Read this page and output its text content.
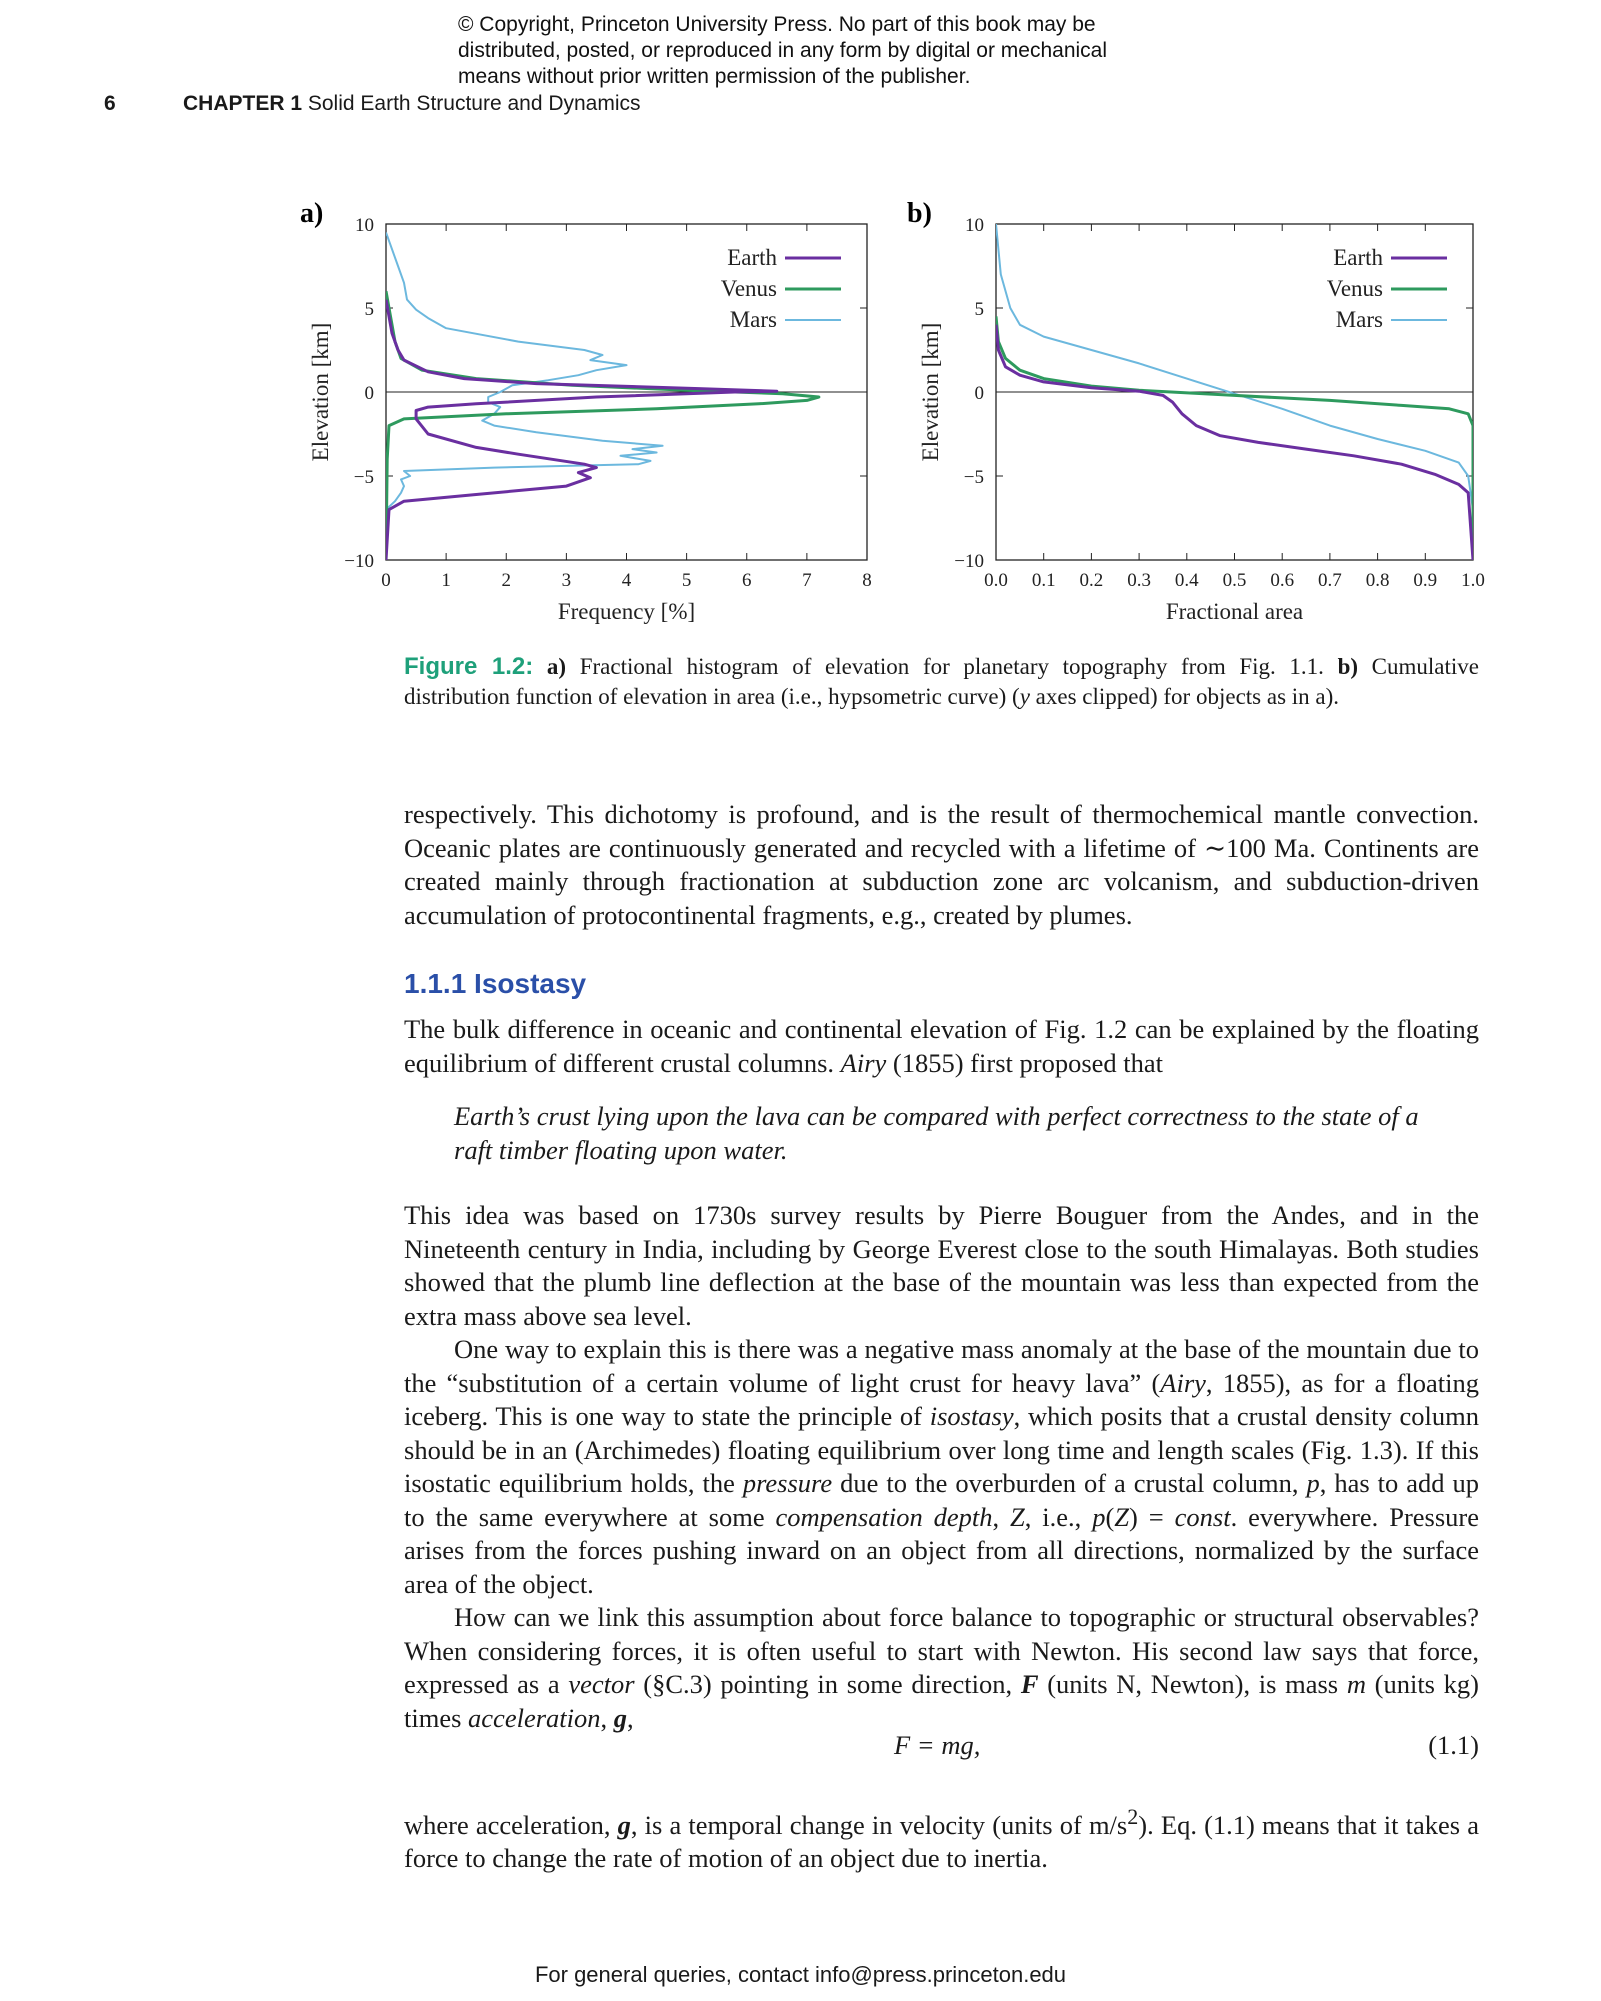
© Copyright, Princeton University Press. No part of this book may be
distributed, posted, or reproduced in any form by digital or mechanical
means without prior written permission of the publisher.
6	CHAPTER 1 Solid Earth Structure and Dynamics
a)
0	1	2	3	4	5	6	7	8
10
5
0
−5
−10
Frequency [%]
Elevation [km]
Earth
Venus
Mars
b)
0.0 0.1 0.2 0.3 0.4 0.5 0.6 0.7 0.8 0.9 1.0
10
5
0
−5
−10
Fractional area
Elevation [km]
Earth
Venus
Mars
Figure 1.2: a) Fractional histogram of elevation for planetary topography from Fig. 1.1. b) Cumulative distribution function of elevation in area (i.e., hypsometric curve) (y axes clipped) for objects as in a).

respectively. This dichotomy is profound, and is the result of thermochemical mantle convection. Oceanic plates are continuously generated and recycled with a lifetime of ∼100 Ma. Continents are created mainly through fractionation at subduction zone arc volcanism, and subduction-driven accumulation of protocontinental fragments, e.g., created by plumes.

1.1.1 Isostasy

The bulk difference in oceanic and continental elevation of Fig. 1.2 can be explained by the floating equilibrium of different crustal columns. Airy (1855) first proposed that

Earth’s crust lying upon the lava can be compared with perfect correctness to the state of a raft timber floating upon water.

This idea was based on 1730s survey results by Pierre Bouguer from the Andes, and in the Nineteenth century in India, including by George Everest close to the south Himalayas. Both studies showed that the plumb line deflection at the base of the mountain was less than expected from the extra mass above sea level.

One way to explain this is there was a negative mass anomaly at the base of the mountain due to the “substitution of a certain volume of light crust for heavy lava” (Airy, 1855), as for a floating iceberg. This is one way to state the principle of isostasy, which posits that a crustal density column should be in an (Archimedes) floating equilibrium over long time and length scales (Fig. 1.3). If this isostatic equilibrium holds, the pressure due to the overburden of a crustal column, p, has to add up to the same everywhere at some compensation depth, Z, i.e., p(Z) = const. everywhere. Pressure arises from the forces pushing inward on an object from all directions, normalized by the surface area of the object.

How can we link this assumption about force balance to topographic or structural observables? When considering forces, it is often useful to start with Newton. His second law says that force, expressed as a vector (§C.3) pointing in some direction, F (units N, Newton), is mass m (units kg) times acceleration, g,

F = mg,	(1.1)

where acceleration, g, is a temporal change in velocity (units of $m/s^2$). Eq. (1.1) means that it takes a force to change the rate of motion of an object due to inertia.

For general queries, contact info@press.princeton.edu
